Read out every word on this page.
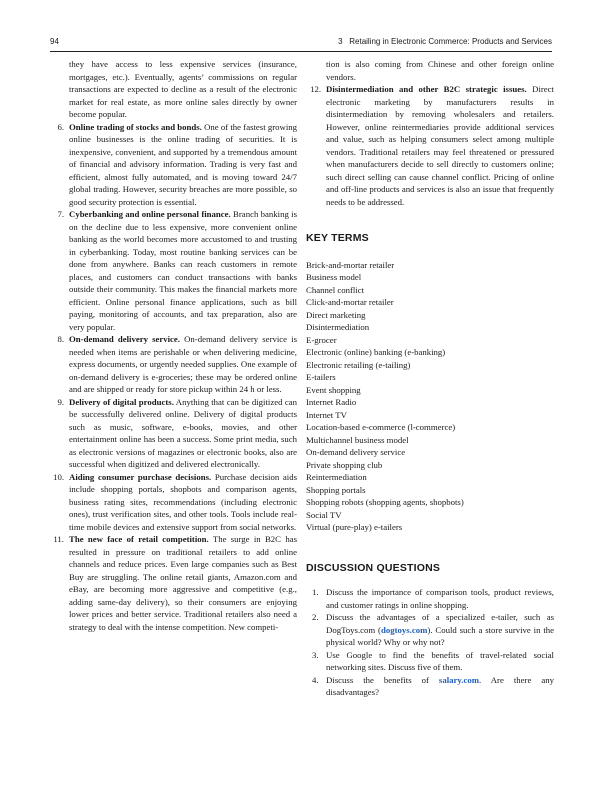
94	3   Retailing in Electronic Commerce: Products and Services
they have access to less expensive services (insurance, mortgages, etc.). Eventually, agents’ commissions on regular transactions are expected to decline as a result of the electronic market for real estate, as more online sales directly by owner become popular.
6. Online trading of stocks and bonds. One of the fastest growing online businesses is the online trading of securities. It is inexpensive, convenient, and supported by a tremendous amount of financial and advisory information. Trading is very fast and efficient, almost fully automated, and is moving toward 24/7 global trading. However, security breaches are more possible, so good security protection is essential.
7. Cyberbanking and online personal finance. Branch banking is on the decline due to less expensive, more convenient online banking as the world becomes more accustomed to and trusting in cyberbanking. Today, most routine banking services can be done from anywhere. Banks can reach customers in remote places, and customers can conduct transactions with banks outside their community. This makes the financial markets more efficient. Online personal finance applications, such as bill paying, monitoring of accounts, and tax preparation, also are very popular.
8. On-demand delivery service. On-demand delivery service is needed when items are perishable or when delivering medicine, express documents, or urgently needed supplies. One example of on-demand delivery is e-groceries; these may be ordered online and are shipped or ready for store pickup within 24 h or less.
9. Delivery of digital products. Anything that can be digitized can be successfully delivered online. Delivery of digital products such as music, software, e-books, movies, and other entertainment online has been a success. Some print media, such as electronic versions of magazines or electronic books, also are successful when digitized and delivered electronically.
10. Aiding consumer purchase decisions. Purchase decision aids include shopping portals, shopbots and comparison agents, business rating sites, recommendations (including electronic ones), trust verification sites, and other tools. Tools include real-time mobile devices and extensive support from social networks.
11. The new face of retail competition. The surge in B2C has resulted in pressure on traditional retailers to add online channels and reduce prices. Even large companies such as Best Buy are struggling. The online retail giants, Amazon.com and eBay, are becoming more aggressive and competitive (e.g., adding same-day delivery), so their consumers are enjoying lower prices and better service. Traditional retailers also need a strategy to deal with the intense competition. New competi-
tion is also coming from Chinese and other foreign online vendors.
12. Disintermediation and other B2C strategic issues. Direct electronic marketing by manufacturers results in disintermediation by removing wholesalers and retailers. However, online reintermediaries provide additional services and value, such as helping consumers select among multiple vendors. Traditional retailers may feel threatened or pressured when manufacturers decide to sell directly to customers online; such direct selling can cause channel conflict. Pricing of online and off-line products and services is also an issue that frequently needs to be addressed.
KEY TERMS
Brick-and-mortar retailer
Business model
Channel conflict
Click-and-mortar retailer
Direct marketing
Disintermediation
E-grocer
Electronic (online) banking (e-banking)
Electronic retailing (e-tailing)
E-tailers
Event shopping
Internet Radio
Internet TV
Location-based e-commerce (l-commerce)
Multichannel business model
On-demand delivery service
Private shopping club
Reintermediation
Shopping portals
Shopping robots (shopping agents, shopbots)
Social TV
Virtual (pure-play) e-tailers
DISCUSSION QUESTIONS
1. Discuss the importance of comparison tools, product reviews, and customer ratings in online shopping.
2. Discuss the advantages of a specialized e-tailer, such as DogToys.com (dogtoys.com). Could such a store survive in the physical world? Why or why not?
3. Use Google to find the benefits of travel-related social networking sites. Discuss five of them.
4. Discuss the benefits of salary.com. Are there any disadvantages?
